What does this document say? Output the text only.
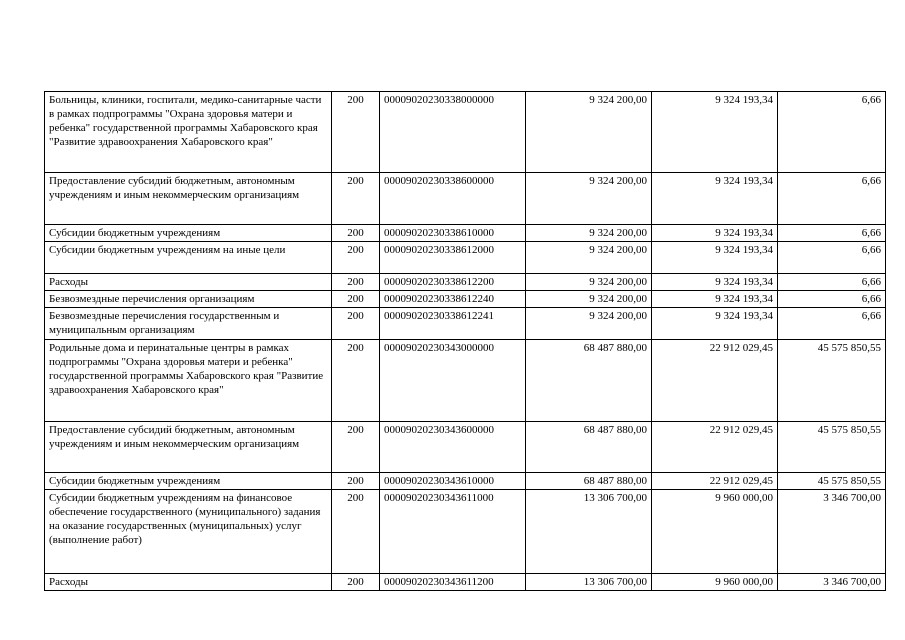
Больницы, клиники, госпитали, медико-санитарные части в рамках подпрограммы "Охрана здоровья матери и ребенка" государственной программы Хабаровского края "Развитие здравоохранения Хабаровского края"	200	00009020230338000000	9 324 200,00	9 324 193,34	6,66
Предоставление субсидий бюджетным, автономным учреждениям и иным некоммерческим организациям	200	00009020230338600000	9 324 200,00	9 324 193,34	6,66
Субсидии бюджетным учреждениям	200	00009020230338610000	9 324 200,00	9 324 193,34	6,66
Субсидии бюджетным учреждениям на иные цели	200	00009020230338612000	9 324 200,00	9 324 193,34	6,66
Расходы	200	00009020230338612200	9 324 200,00	9 324 193,34	6,66
Безвозмездные перечисления организациям	200	00009020230338612240	9 324 200,00	9 324 193,34	6,66
Безвозмездные перечисления государственным и муниципальным организациям	200	00009020230338612241	9 324 200,00	9 324 193,34	6,66
Родильные дома и перинатальные центры в рамках подпрограммы "Охрана здоровья матери и ребенка" государственной программы Хабаровского края "Развитие здравоохранения Хабаровского края"	200	00009020230343000000	68 487 880,00	22 912 029,45	45 575 850,55
Предоставление субсидий бюджетным, автономным учреждениям и иным некоммерческим организациям	200	00009020230343600000	68 487 880,00	22 912 029,45	45 575 850,55
Субсидии бюджетным учреждениям	200	00009020230343610000	68 487 880,00	22 912 029,45	45 575 850,55
Субсидии бюджетным учреждениям на финансовое обеспечение государственного (муниципального) задания на оказание государственных (муниципальных) услуг (выполнение работ)	200	00009020230343611000	13 306 700,00	9 960 000,00	3 346 700,00
Расходы	200	00009020230343611200	13 306 700,00	9 960 000,00	3 346 700,00
